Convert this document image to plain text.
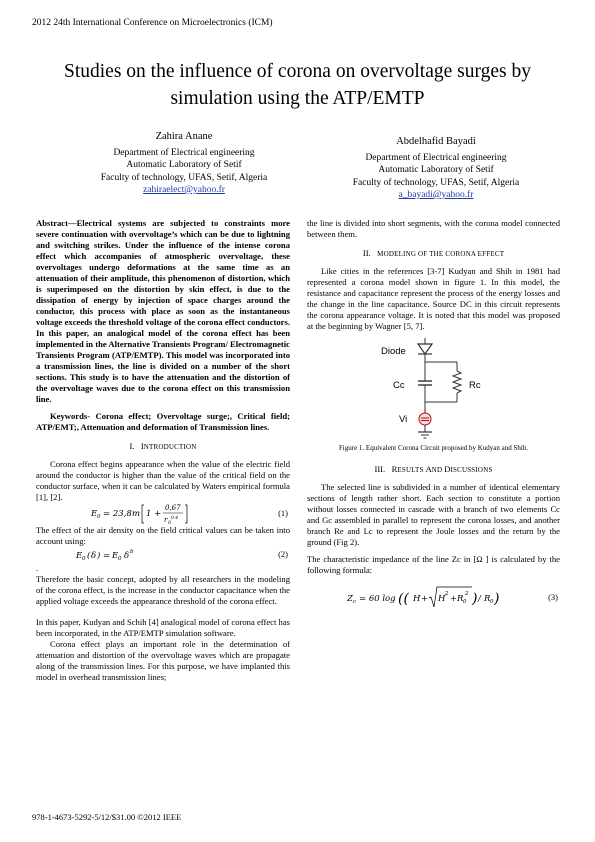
2012 24th International Conference on Microelectronics (ICM)
Studies on the influence of corona on overvoltage surges by simulation using the ATP/EMTP
Zahira Anane
Department of Electrical engineering
Automatic Laboratory of Setif
Faculty of technology, UFAS, Setif, Algeria
zahiraelect@yahoo.fr
Abdelhafid Bayadi
Department of Electrical engineering
Automatic Laboratory of Setif
Faculty of technology, UFAS, Setif, Algeria
a_bayadi@yahoo.fr

Abstract—Electrical systems are subjected to constraints more severe continuation with overvoltage’s which can be due to lightning and switching strikes. Under the influence of the intense corona effect which accompanies of atmospheric overvoltage, these overvoltages undergo deformations at the same time as an attenuation of their amplitude, this phenomenon of distortion, which is superimposed on the distortion by skin effect, is due to the dissipation of energy by injection of space charges around the conductor, this process with place as soon as the instantaneous voltage exceeds the threshold voltage of the corona effect conductors. In this paper, an analogical model of the corona effect has been implemented in the Alternative Transients Program/ Electromagnetic Transients Program (ATP/EMTP). This model was incorporated into a transmission lines, the line is divided on a number of the short sections. This study is to have the attenuation and the distortion of the overvoltage waves due to the corona effect on this transmission line.

Keywords- Corona effect; Overvoltage surge;, Critical field; ATP/EMT;, Attenuation and deformation of Transmission lines.

I. INTRODUCTION

Corona effect begins appearance when the value of the electric field around the conductor is higher than the value of the critical field on the conductor surface, when it can be calculated by Waters empirical formula [1], [2].

E 0 = 23,8 m 1 +
0,67
r 0
0.4
(1)

The effect of the air density on the field critical values can be taken into account using:

E 0 ( δ ) = E 0 δ b	(2)

.

Therefore the basic concept, adopted by all researchers in the modeling of the corona effect, is the increase in the conductor capacitance when the applied voltage exceeds the appearance threshold of the corona effect.

In this paper, Kudyan and Schih [4] analogical model of corona effect has been incorporated, in the ATP/EMTP simulation software.

Corona effect plays an important role in the determination of attenuation and distortion of the overvoltage waves which are propagate along of the transmission lines. For this purpose, we have implanted this model in overhead transmission lines;

the line is divided into short segments, with the corona model connected between them.

II. MODELING OF THE CORONA EFFECT

Like cities in the references [3-7] Kudyan and Shih in 1981 had represented a corona model shown in figure 1. In this model, the resistance and capacitance represent the process of the energy losses and the change in the line capacitance. Source DC in this circuit represents the corona appearance voltage. It is noted that this model was proposed at the beginning by Wagner [5, 7].

Diode
Cc	Rc
Vi

Figure 1. Equivalent Corona Circuit proposed by Kudyan and Shih.

III. RESULTS AND DISCUSSIONS

The selected line is subdivided in a number of identical elementary sections of length rather short. Each section to constitute a portion without losses connected in cascade with a branch of two elements Cc and Gc assembled in parallel to represent the corona losses, and another branch Re and Lc to represent the Joule losses and the return by the ground (Fig 2).

The characteristic impedance of the line Zc in [Ω ] is calculated by the following formula:

Z c = 60 log (( H + H 2 + R 0
2 ) / R 0 )	(3)
978-1-4673-5292-5/12/$31.00 ©2012 IEEE
